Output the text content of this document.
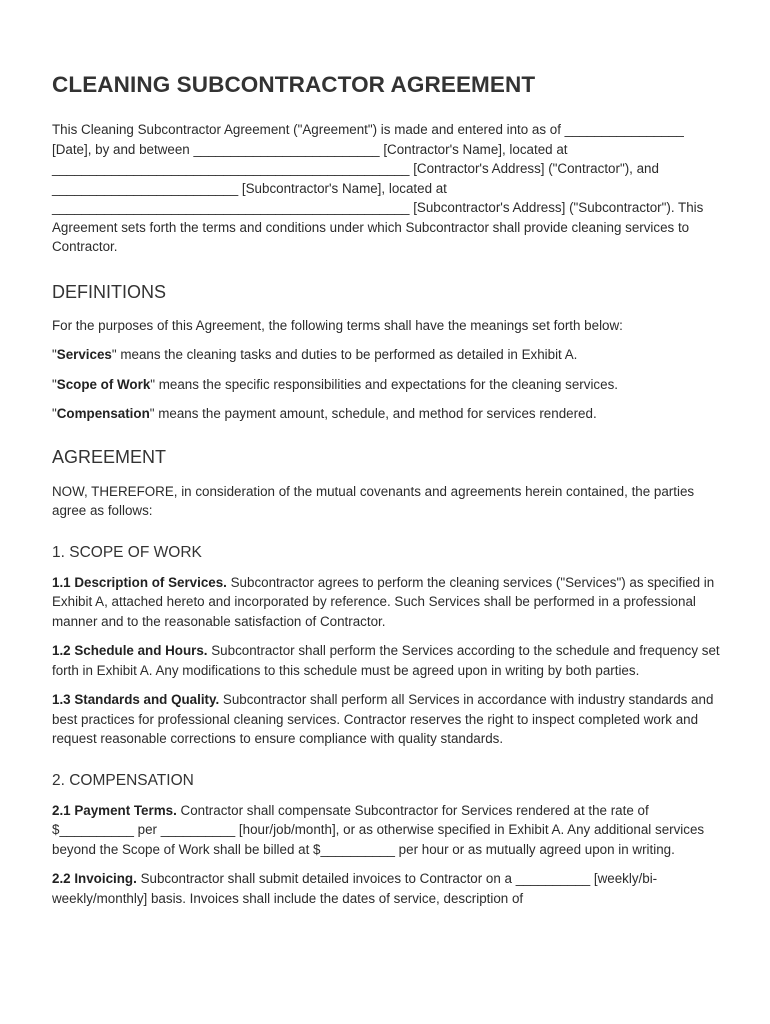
CLEANING SUBCONTRACTOR AGREEMENT

This Cleaning Subcontractor Agreement ("Agreement") is made and entered into as of ________________ [Date], by and between _________________________ [Contractor's Name], located at ________________________________________________ [Contractor's Address] ("Contractor"), and _________________________ [Subcontractor's Name], located at ________________________________________________ [Subcontractor's Address] ("Subcontractor"). This Agreement sets forth the terms and conditions under which Subcontractor shall provide cleaning services to Contractor.

DEFINITIONS

For the purposes of this Agreement, the following terms shall have the meanings set forth below:

"Services" means the cleaning tasks and duties to be performed as detailed in Exhibit A.

"Scope of Work" means the specific responsibilities and expectations for the cleaning services.

"Compensation" means the payment amount, schedule, and method for services rendered.

AGREEMENT

NOW, THEREFORE, in consideration of the mutual covenants and agreements herein contained, the parties agree as follows:

1. SCOPE OF WORK

1.1 Description of Services. Subcontractor agrees to perform the cleaning services ("Services") as specified in Exhibit A, attached hereto and incorporated by reference. Such Services shall be performed in a professional manner and to the reasonable satisfaction of Contractor.

1.2 Schedule and Hours. Subcontractor shall perform the Services according to the schedule and frequency set forth in Exhibit A. Any modifications to this schedule must be agreed upon in writing by both parties.

1.3 Standards and Quality. Subcontractor shall perform all Services in accordance with industry standards and best practices for professional cleaning services. Contractor reserves the right to inspect completed work and request reasonable corrections to ensure compliance with quality standards.

2. COMPENSATION

2.1 Payment Terms. Contractor shall compensate Subcontractor for Services rendered at the rate of $__________ per __________ [hour/job/month], or as otherwise specified in Exhibit A. Any additional services beyond the Scope of Work shall be billed at $__________ per hour or as mutually agreed upon in writing.

2.2 Invoicing. Subcontractor shall submit detailed invoices to Contractor on a __________ [weekly/bi-weekly/monthly] basis. Invoices shall include the dates of service, description of
